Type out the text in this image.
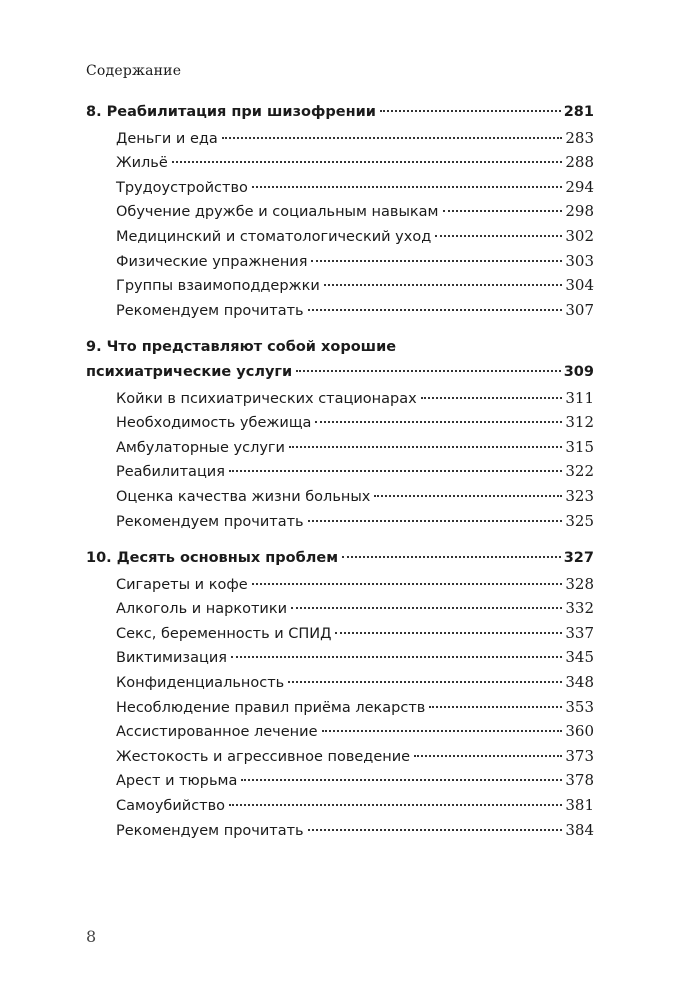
Содержание
8. Реабилитация при шизофрении	281
Деньги и еда	283
Жильё	288
Трудоустройство	294
Обучение дружбе и социальным навыкам	298
Медицинский и стоматологический уход	302
Физические упражнения	303
Группы взаимоподдержки	304
Рекомендуем прочитать	307
9. Что представляют собой хорошие
психиатрические услуги	309
Койки в психиатрических стационарах	311
Необходимость убежища	312
Амбулаторные услуги	315
Реабилитация	322
Оценка качества жизни больных	323
Рекомендуем прочитать	325
10. Десять основных проблем	327
Сигареты и кофе	328
Алкоголь и наркотики	332
Секс, беременность и СПИД	337
Виктимизация	345
Конфиденциальность	348
Несоблюдение правил приёма лекарств	353
Ассистированное лечение	360
Жестокость и агрессивное поведение	373
Арест и тюрьма	378
Самоубийство	381
Рекомендуем прочитать	384
8
